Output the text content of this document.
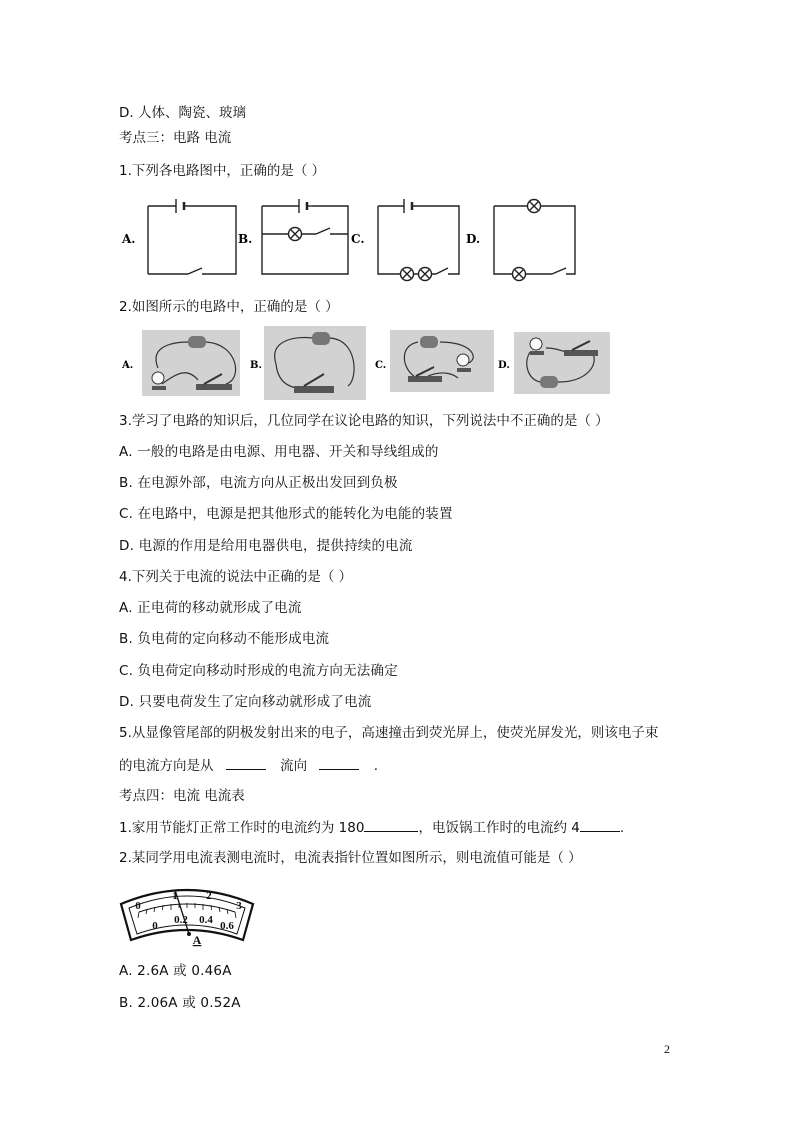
D. 人体、陶瓷、玻璃
考点三：电路 电流
1.下列各电路图中，正确的是（ ）
A.	B.	C.	D.
2.如图所示的电路中，正确的是（ ）
A.	B.	C.	D.
3.学习了电路的知识后，几位同学在议论电路的知识，下列说法中不正确的是（ ）
A. 一般的电路是由电源、用电器、开关和导线组成的
B. 在电源外部，电流方向从正极出发回到负极
C. 在电路中，电源是把其他形式的能转化为电能的装置
D. 电源的作用是给用电器供电，提供持续的电流
4.下列关于电流的说法中正确的是（ ）
A. 正电荷的移动就形成了电流
B. 负电荷的定向移动不能形成电流
C. 负电荷定向移动时形成的电流方向无法确定
D. 只要电荷发生了定向移动就形成了电流
5.从显像管尾部的阴极发射出来的电子，高速撞击到荧光屏上，使荧光屏发光，则该电子束
的电流方向是从	流向	.
考点四：电流 电流表
1.家用节能灯正常工作时的电流约为 180	，电饭锅工作时的电流约 4	.
2.某同学用电流表测电流时，电流表指针位置如图所示，则电流值可能是（ ）
0
1	2
3
0 0.2 0.4 0.6
A
A. 2.6A 或 0.46A
B. 2.06A 或 0.52A
2
